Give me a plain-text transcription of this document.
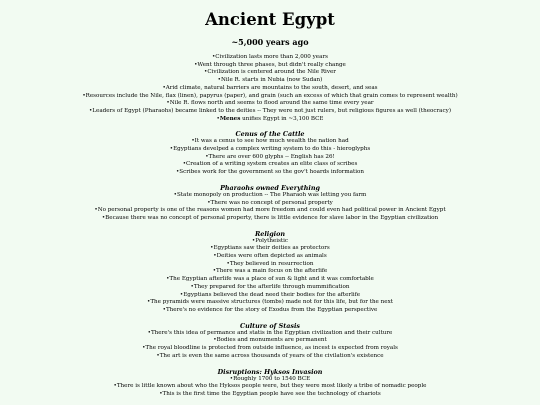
Ancient Egypt
~5,000 years ago
•Civilization lasts more than 2,000 years
•Went through three phases, but didn't really change
•Civilization is centered around the Nile River
•Nile R. starts in Nubia (now Sudan)
•Arid climate, natural barriers are mountains to the south, desert, and seas
•Resources include the Nile, flax (linen), papyrus (paper), and grain (such an excess of which that grain comes to represent wealth)
•Nile R. flows north and seems to flood around the same time every year
•Leaders of Egypt (Pharaohs) became linked to the deities -- They were not just rulers, but religious figures as well (theocracy)
•Menes unifies Egypt in ~3,100 BCE
Cenus of the Cattle
•It was a cenus to see how much wealth the nation had
•Egyptians develped a complex writing system to do this - hieroglyphs
•There are over 600 glyphs -- English has 26!
•Creation of a writing system creates an elite class of scribes
•Scribes work for the government so the gov't hoards information
Pharaohs owned Everything
•State monopoly on production -- The Pharaoh was letting you farm
•There was no concept of personal property
•No personal property is one of the reasons women had more freedom and could even had political power in Ancient Egypt
•Because there was no concept of personal property, there is little evidence for slave labor in the Egyptian civilization
Religion
•Polytheistic
•Egyptians saw their deities as protectors
•Deities were often depicted as animals
•They believed in resurrection
•There was a main focus on the afterlife
•The Egyptian afterlife was a place of sun & light and it was comfortable
•They prepared for the afterlife through mummification
•Egyptians believed the dead need their bodies for the afterlife
•The pyramids were massive structures (tombs) made not for this life, but for the next
•There's no evidence for the story of Exodus from the Egyptian perspective
Culture of Stasis
•There's this idea of permance and statis in the Egyptian civilization and their culture
•Bodies and monuments are permanent
•The royal bloodline is protected from outside influence, as incest is expected from royals
•The art is even the same across thousands of years of the civilation's existence
Disruptions: Hyksos Invasion
•Roughly 1700 to 1540 BCE
•There is little known about who the Hyksos people were, but they were most likely a tribe of nomadic people
•This is the first time the Egyptian people have see the technology of chariots
